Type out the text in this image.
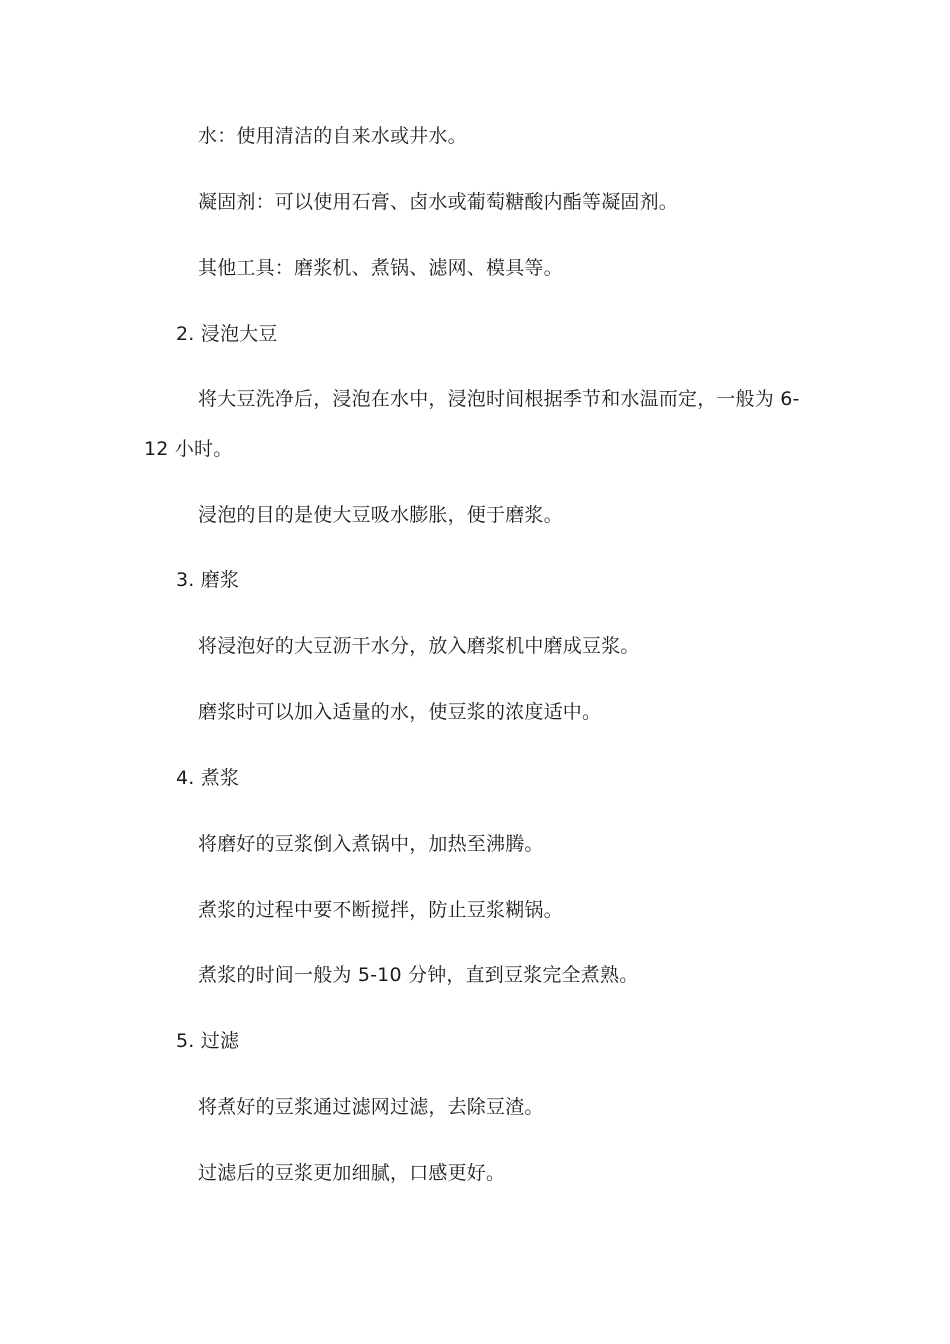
水：使用清洁的自来水或井水。
凝固剂：可以使用石膏、卤水或葡萄糖酸内酯等凝固剂。
其他工具：磨浆机、煮锅、滤网、模具等。
2. 浸泡大豆
将大豆洗净后，浸泡在水中，浸泡时间根据季节和水温而定，一般为 6-
12 小时。
浸泡的目的是使大豆吸水膨胀，便于磨浆。
3. 磨浆
将浸泡好的大豆沥干水分，放入磨浆机中磨成豆浆。
磨浆时可以加入适量的水，使豆浆的浓度适中。
4. 煮浆
将磨好的豆浆倒入煮锅中，加热至沸腾。
煮浆的过程中要不断搅拌，防止豆浆糊锅。
煮浆的时间一般为 5-10 分钟，直到豆浆完全煮熟。
5. 过滤
将煮好的豆浆通过滤网过滤，去除豆渣。
过滤后的豆浆更加细腻，口感更好。
